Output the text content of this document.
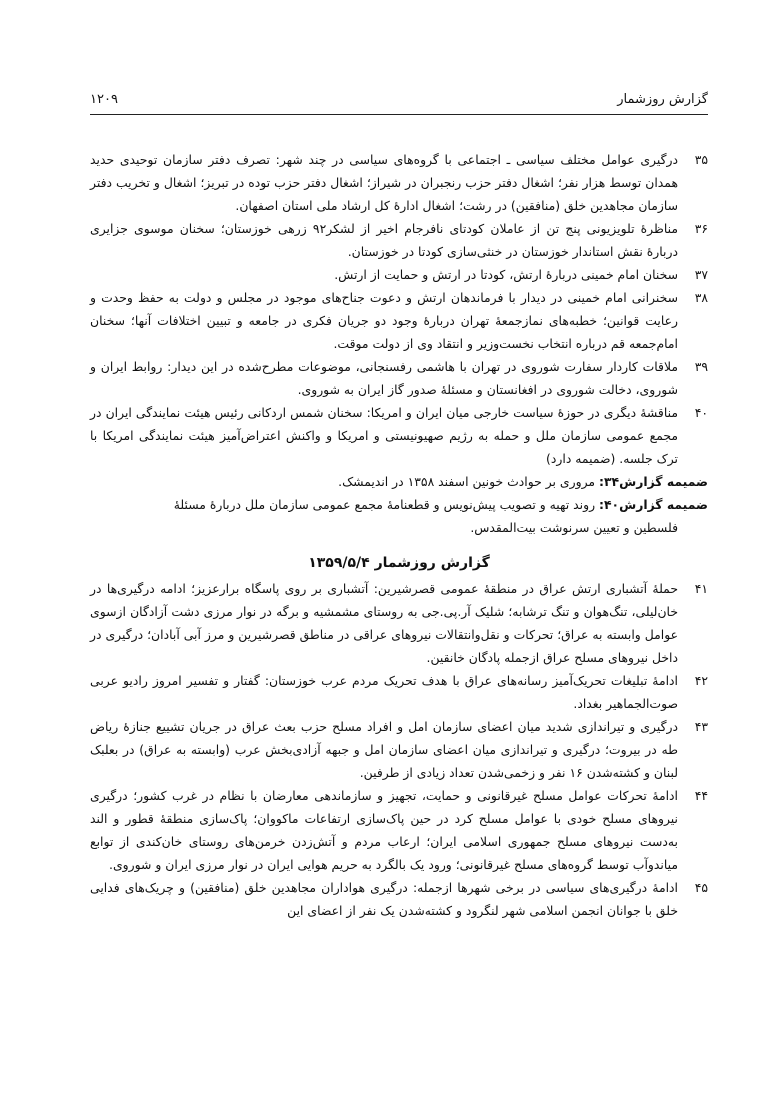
گزارش روزشمار
۱۲۰۹
۳۵
درگیری عوامل مختلف سیاسی ـ اجتماعی با گروه‌های سیاسی در چند شهر: تصرف دفتر سازمان توحیدی حدید همدان توسط هزار نفر؛ اشغال دفتر حزب رنجبران در شیراز؛ اشغال دفتر حزب توده در تبریز؛ اشغال و تخریب دفتر سازمان مجاهدین خلق (منافقین) در رشت؛ اشغال ادارهٔ کل ارشاد ملی استان اصفهان.
۳۶
مناظرهٔ تلویزیونی پنج تن از عاملان کودتای نافرجام اخیر از لشکر۹۲ زرهی خوزستان؛ سخنان موسوی جزایری دربارهٔ نقش استاندار خوزستان در خنثی‌سازی کودتا در خوزستان.
۳۷
سخنان امام خمینی دربارهٔ ارتش، کودتا در ارتش و حمایت از ارتش.
۳۸
سخنرانی امام خمینی در دیدار با فرماندهان ارتش و دعوت جناح‌های موجود در مجلس و دولت به حفظ وحدت و رعایت قوانین؛ خطبه‌های نمازجمعهٔ تهران دربارهٔ وجود دو جریان فکری در جامعه و تبیین اختلافات آنها؛ سخنان امام‌جمعه قم درباره انتخاب نخست‌وزیر و انتقاد وی از دولت موقت.
۳۹
ملاقات کاردار سفارت شوروی در تهران با هاشمی رفسنجانی، موضوعات مطرح‌شده در این دیدار: روابط ایران و شوروی، دخالت شوروی در افغانستان و مسئلهٔ صدور گاز ایران به شوروی.
۴۰
مناقشهٔ دیگری در حوزهٔ سیاست خارجی میان ایران و امریکا: سخنان شمس اردکانی رئیس هیئت نمایندگی ایران در مجمع عمومی سازمان ملل و حمله به رژیم صهیونیستی و امریکا و واکنش اعتراض‌آمیز هیئت نمایندگی امریکا با ترک جلسه. (ضمیمه دارد)
ضمیمه گزارش۳۴: مروری بر حوادث خونین اسفند ۱۳۵۸ در اندیمشک.
ضمیمه گزارش۴۰: روند تهیه و تصویب پیش‌نویس و قطعنامهٔ مجمع عمومی سازمان ملل دربارهٔ مسئلهٔ
فلسطین و تعیین سرنوشت بیت‌المقدس.
گزارش روزشمار ۱۳۵۹/۵/۴
۴۱
حملهٔ آتشباری ارتش عراق در منطقهٔ عمومی قصرشیرین: آتشباری بر روی پاسگاه برارعزیز؛ ادامه درگیری‌ها در خان‌لیلی، تنگ‌هوان و تنگ ترشابه؛ شلیک آر.پی.جی به روستای مشمشیه و برگه در نوار مرزی دشت آزادگان ازسوی عوامل وابسته به عراق؛ تحرکات و نقل‌وانتقالات نیروهای عراقی در مناطق قصرشیرین و مرز آبی آبادان؛ درگیری در داخل نیروهای مسلح عراق ازجمله پادگان خانقین.
۴۲
ادامهٔ تبلیغات تحریک‌آمیز رسانه‌های عراق با هدف تحریک مردم عرب خوزستان: گفتار و تفسیر امروز رادیو عربی صوت‌الجماهیر بغداد.
۴۳
درگیری و تیراندازی شدید میان اعضای سازمان امل و افراد مسلح حزب بعث عراق در جریان تشییع جنازهٔ ریاض طه در بیروت؛ درگیری و تیراندازی میان اعضای سازمان امل و جبهه آزادی‌بخش عرب (وابسته به عراق) در بعلبک لبنان و کشته‌شدن ۱۶ نفر و زخمی‌شدن تعداد زیادی از طرفین.
۴۴
ادامهٔ تحرکات عوامل مسلح غیرقانونی و حمایت، تجهیز و سازماندهی معارضان با نظام در غرب کشور؛ درگیری نیروهای مسلح خودی با عوامل مسلح کرد در حین پاک‌سازی ارتفاعات ماکووان؛ پاک‌سازی منطقهٔ قطور و الند به‌دست نیروهای مسلح جمهوری اسلامی ایران؛ ارعاب مردم و آتش‌زدن خرمن‌های روستای خان‌کندی از توابع میاندوآب توسط گروه‌های مسلح غیرقانونی؛ ورود یک بالگرد به حریم هوایی ایران در نوار مرزی ایران و شوروی.
۴۵
ادامهٔ درگیری‌های سیاسی در برخی شهرها ازجمله: درگیری هواداران مجاهدین خلق (منافقین) و چریک‌های فدایی خلق با جوانان انجمن اسلامی شهر لنگرود و کشته‌شدن یک نفر از اعضای این
